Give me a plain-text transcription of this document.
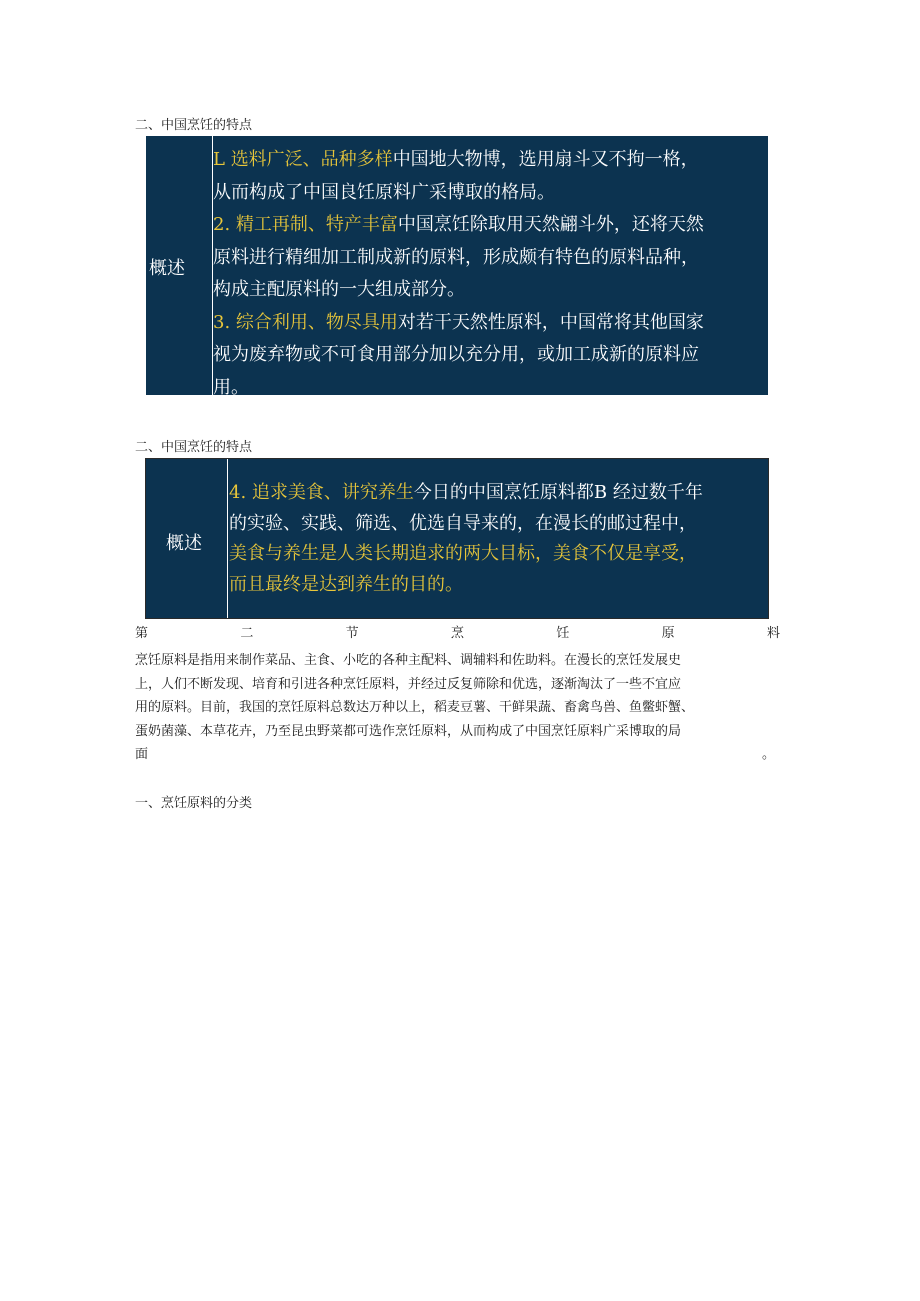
二、中国烹饪的特点
概述
L 选料广泛、品种多样中国地大物博，选用扇斗又不拘一格，
从而构成了中国良饪原料广采博取的格局。
2. 精工再制、特产丰富中国烹饪除取用天然翩斗外，还将天然
原料进行精细加工制成新的原料，形成颇有特色的原料品种，
构成主配原料的一大组成部分。
3. 综合利用、物尽具用对若干天然性原料，中国常将其他国家
视为废弃物或不可食用部分加以充分用，或加工成新的原料应
用。
二、中国烹饪的特点
概述
4. 追求美食、讲究养生今日的中国烹饪原料都B 经过数千年
的实验、实践、筛选、优选自导来的，在漫长的邮过程中，
美食与养生是人类长期追求的两大目标，美食不仅是享受，
而且最终是达到养生的目的。
第	二	节	烹	饪	原	料
烹饪原料是指用来制作菜品、主食、小吃的各种主配料、调辅料和佐助料。在漫长的烹饪发展史
上，人们不断发现、培育和引进各种烹饪原料，并经过反复筛除和优选，逐渐淘汰了一些不宜应
用的原料。目前，我国的烹饪原料总数达万种以上，稻麦豆薯、干鲜果蔬、畜禽鸟兽、鱼鳖虾蟹、
蛋奶菌藻、本草花卉，乃至昆虫野菜都可选作烹饪原料，从而构成了中国烹饪原料广采博取的局
面	。
一、烹饪原料的分类
